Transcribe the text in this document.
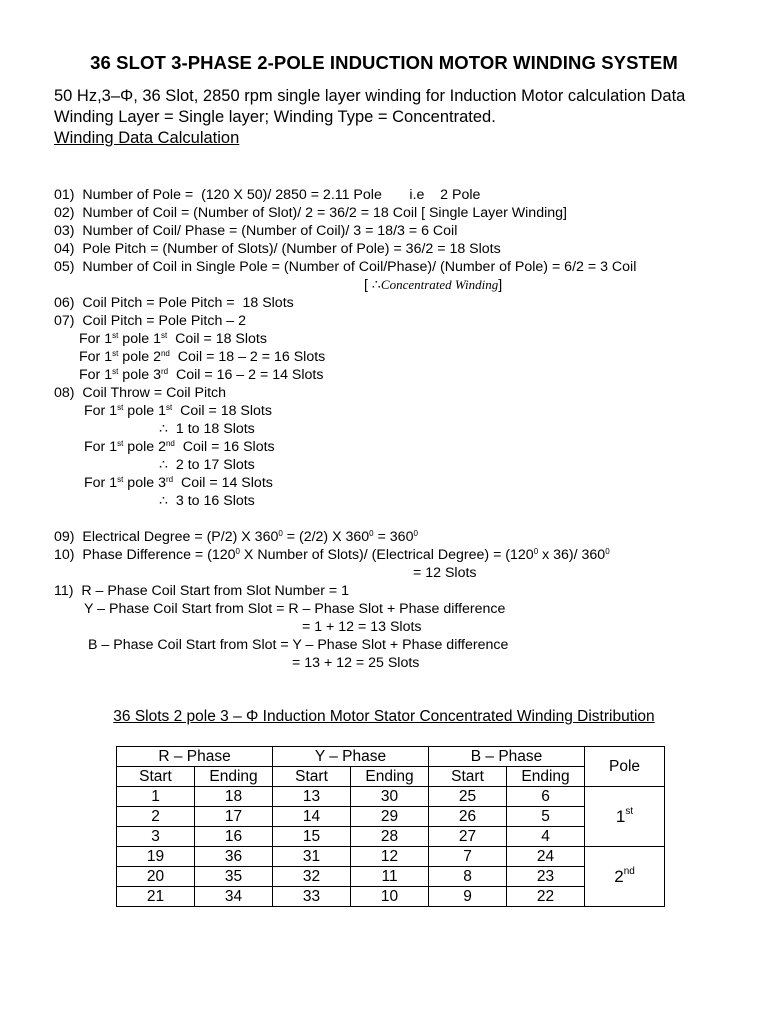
36 SLOT 3-PHASE 2-POLE INDUCTION MOTOR WINDING SYSTEM

50 Hz,3–Φ, 36 Slot, 2850 rpm single layer winding for Induction Motor calculation Data

Winding Layer = Single layer; Winding Type = Concentrated.

Winding Data Calculation

01)  Number of Pole =  (120 X 50)/ 2850 = 2.11 Pole       i.e    2 Pole
02)  Number of Coil = (Number of Slot)/ 2 = 36/2 = 18 Coil [ Single Layer Winding]
03)  Number of Coil/ Phase = (Number of Coil)/ 3 = 18/3 = 6 Coil
04)  Pole Pitch = (Number of Slots)/ (Number of Pole) = 36/2 = 18 Slots
05)  Number of Coil in Single Pole = (Number of Coil/Phase)/ (Number of Pole) = 6/2 = 3 Coil
[ ∴Concentrated Winding]
06)  Coil Pitch = Pole Pitch =  18 Slots
07)  Coil Pitch = Pole Pitch – 2
For 1st pole 1st  Coil = 18 Slots
For 1st pole 2nd  Coil = 18 – 2 = 16 Slots
For 1st pole 3rd  Coil = 16 – 2 = 14 Slots
08)  Coil Throw = Coil Pitch
For 1st pole 1st  Coil = 18 Slots
∴  1 to 18 Slots
For 1st pole 2nd  Coil = 16 Slots
∴  2 to 17 Slots
For 1st pole 3rd  Coil = 14 Slots
∴  3 to 16 Slots
09)  Electrical Degree = (P/2) X $360^0 = (2/2)$ X $360^0 = 360^0$
10)  Phase Difference = ($120^0$ X Number of Slots)/ (Electrical Degree) = ($120^0$ x 36)/ $360^0$
= 12 Slots
11)  R – Phase Coil Start from Slot Number = 1
Y – Phase Coil Start from Slot = R – Phase Slot + Phase difference
= 1 + 12 = 13 Slots
B – Phase Coil Start from Slot = Y – Phase Slot + Phase difference
= 13 + 12 = 25 Slots
36 Slots 2 pole 3 – Φ Induction Motor Stator Concentrated Winding Distribution
R – Phase		Y – Phase		B – Phase		Pole
Start	Ending	Start	Ending	Start	Ending	
1	18	13	30	25	6	1st
2	17	14	29	26	5	
3	16	15	28	27	4	
19	36	31	12	7	24	2nd
20	35	32	11	8	23	
21	34	33	10	9	22	
